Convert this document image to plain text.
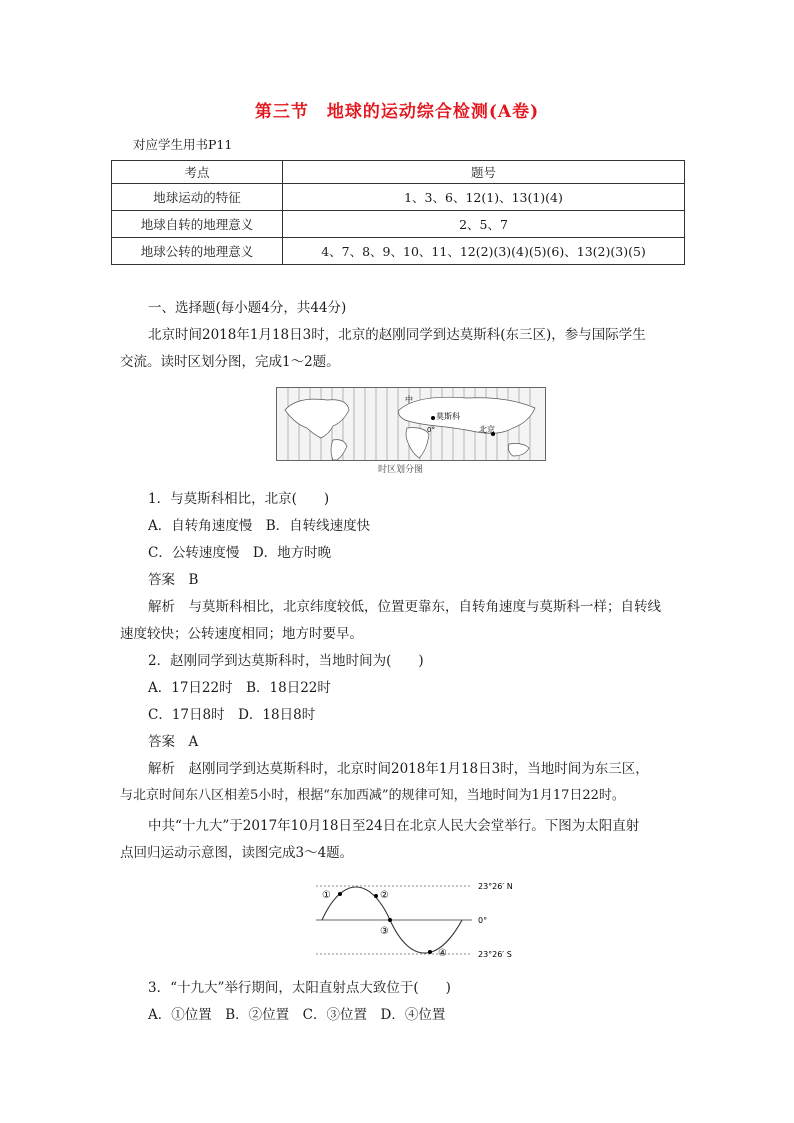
第三节　地球的运动综合检测(A卷)
对应学生用书P11
考点	题号
地球运动的特征	1、3、6、12(1)、13(1)(4)
地球自转的地理意义	2、5、7
地球公转的地理意义	4、7、8、9、10、11、12(2)(3)(4)(5)(6)、13(2)(3)(5)
一、选择题(每小题4分，共44分)
北京时间2018年1月18日3时，北京的赵刚同学到达莫斯科(东三区)，参与国际学生
交流。读时区划分图，完成1～2题。
莫斯科
北京
0°
中
时区划分图
1．与莫斯科相比，北京(　　)
A．自转角速度慢　B．自转线速度快
C．公转速度慢　D．地方时晚
答案　B
解析　与莫斯科相比，北京纬度较低，位置更靠东，自转角速度与莫斯科一样；自转线
速度较快；公转速度相同；地方时要早。
2．赵刚同学到达莫斯科时，当地时间为(　　)
A．17日22时　B．18日22时
C．17日8时　D．18日8时
答案　A
解析　赵刚同学到达莫斯科时，北京时间2018年1月18日3时，当地时间为东三区，
与北京时间东八区相差5小时，根据“东加西减”的规律可知，当地时间为1月17日22时。
中共“十九大”于2017年10月18日至24日在北京人民大会堂举行。下图为太阳直射
点回归运动示意图，读图完成3～4题。
①	②
③
④
23°26′ N
0°
23°26′ S
3．“十九大”举行期间，太阳直射点大致位于(　　)
A．①位置　B．②位置　C．③位置　D．④位置
